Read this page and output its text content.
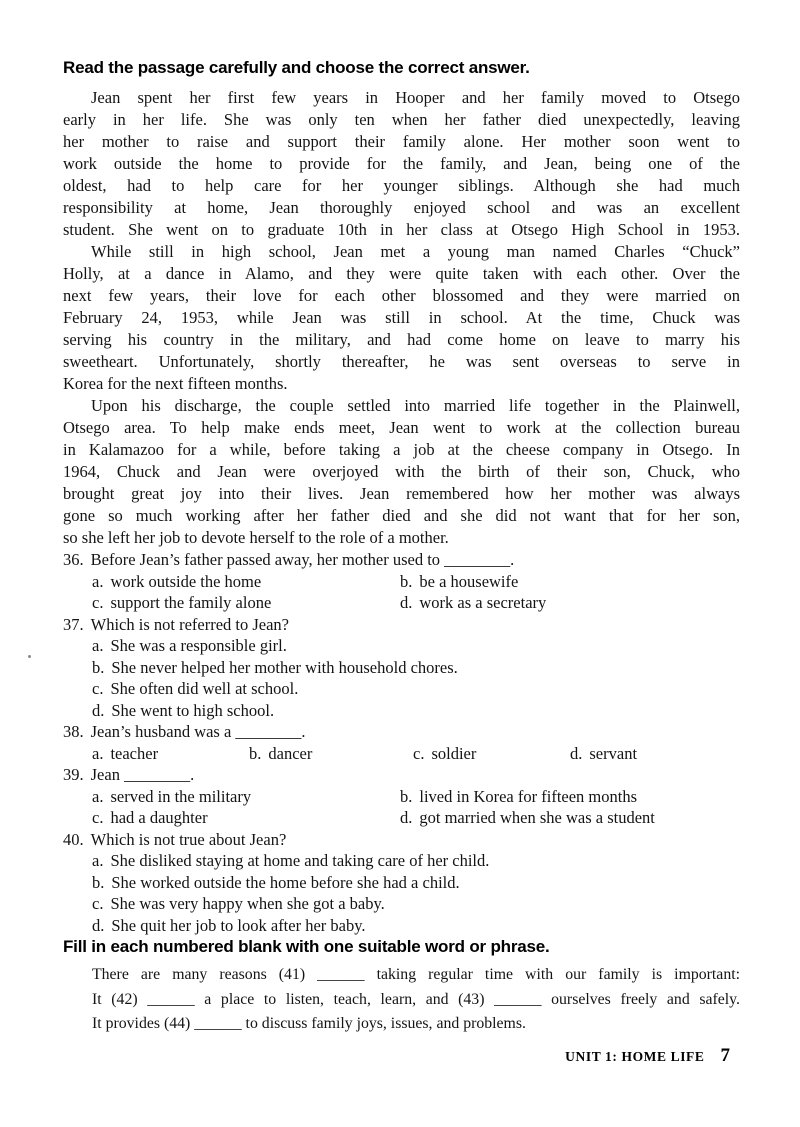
Read the passage carefully and choose the correct answer.
Jean spent her first few years in Hooper and her family moved to Otsego
early in her life. She was only ten when her father died unexpectedly, leaving
her mother to raise and support their family alone. Her mother soon went to
work outside the home to provide for the family, and Jean, being one of the
oldest, had to help care for her younger siblings. Although she had much
responsibility at home, Jean thoroughly enjoyed school and was an excellent
student. She went on to graduate 10th in her class at Otsego High School in 1953.
While still in high school, Jean met a young man named Charles “Chuck”
Holly, at a dance in Alamo, and they were quite taken with each other. Over the
next few years, their love for each other blossomed and they were married on
February 24, 1953, while Jean was still in school. At the time, Chuck was
serving his country in the military, and had come home on leave to marry his
sweetheart. Unfortunately, shortly thereafter, he was sent overseas to serve in
Korea for the next fifteen months.
Upon his discharge, the couple settled into married life together in the Plainwell,
Otsego area. To help make ends meet, Jean went to work at the collection bureau
in Kalamazoo for a while, before taking a job at the cheese company in Otsego. In
1964, Chuck and Jean were overjoyed with the birth of their son, Chuck, who
brought great joy into their lives. Jean remembered how her mother was always
gone so much working after her father died and she did not want that for her son,
so she left her job to devote herself to the role of a mother.
36. Before Jean’s father passed away, her mother used to ________.
a. work outside the home	b. be a housewife
c. support the family alone	d. work as a secretary
37. Which is not referred to Jean?
a. She was a responsible girl.
b. She never helped her mother with household chores.
c. She often did well at school.
d. She went to high school.
38. Jean’s husband was a ________.
a. teacher	b. dancer	c. soldier	d. servant
39. Jean ________.
a. served in the military	b. lived in Korea for fifteen months
c. had a daughter	d. got married when she was a student
40. Which is not true about Jean?
a. She disliked staying at home and taking care of her child.
b. She worked outside the home before she had a child.
c. She was very happy when she got a baby.
d. She quit her job to look after her baby.
Fill in each numbered blank with one suitable word or phrase.
There are many reasons (41) ______ taking regular time with our family is important:
It (42) ______ a place to listen, teach, learn, and (43) ______ ourselves freely and safely.
It provides (44) ______ to discuss family joys, issues, and problems.
UNIT 1: HOME LIFE 7
